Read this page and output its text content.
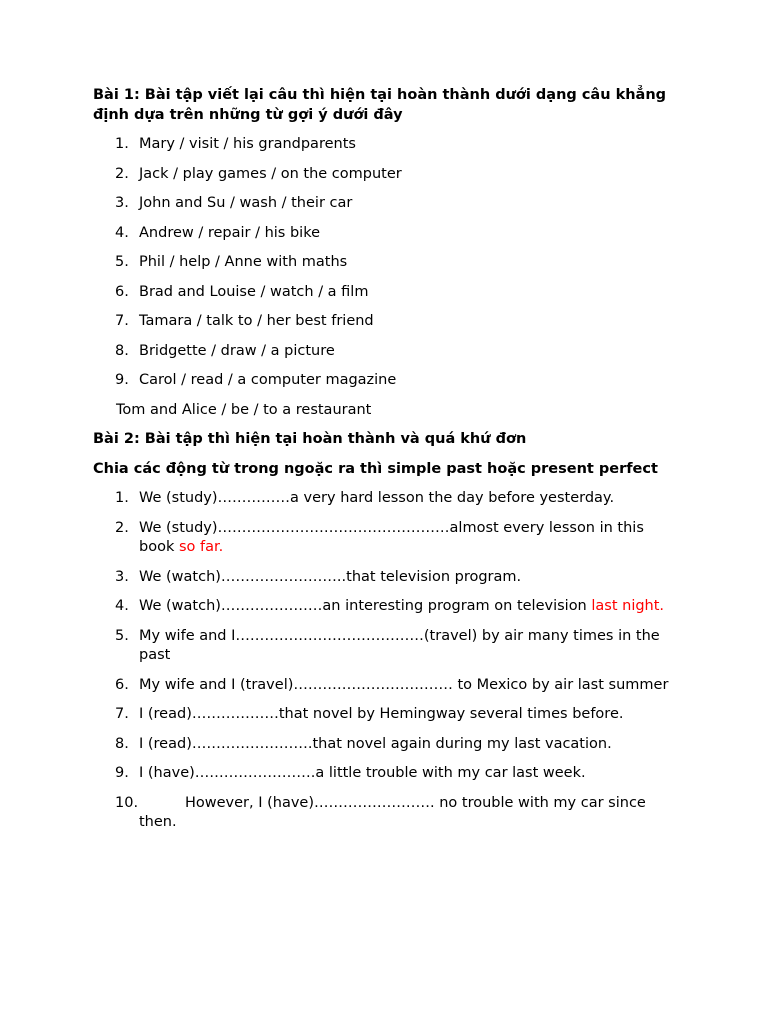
Bài 1: Bài tập viết lại câu thì hiện tại hoàn thành dưới dạng câu khẳng định dựa trên những từ gợi ý dưới đây

1. Mary / visit / his grandparents
2. Jack / play games / on the computer
3. John and Su / wash / their car
4. Andrew / repair / his bike
5. Phil / help / Anne with maths
6. Brad and Louise / watch / a film
7. Tamara / talk to / her best friend
8. Bridgette / draw / a picture
9. Carol / read / a computer magazine
Tom and Alice / be / to a restaurant

Bài 2: Bài tập thì hiện tại hoàn thành và quá khứ đơn

Chia các động từ trong ngoặc ra thì simple past hoặc present perfect

1. We (study)……………a very hard lesson the day before yesterday.
2. We (study)…………………………………………almost every lesson in this book so far.
3. We (watch)……………………..that television program.
4. We (watch)…………………an interesting program on television last night.
5. My wife and I…………………………………(travel) by air many times in the past
6. My wife and I (travel)…………………………… to Mexico by air last summer
7. I (read)………………that novel by Hemingway several times before.
8. I (read)…………………….that novel again during my last vacation.
9. I (have)…………………….a little trouble with my car last week.
10.	However, I (have)……………………. no trouble with my car since then.
